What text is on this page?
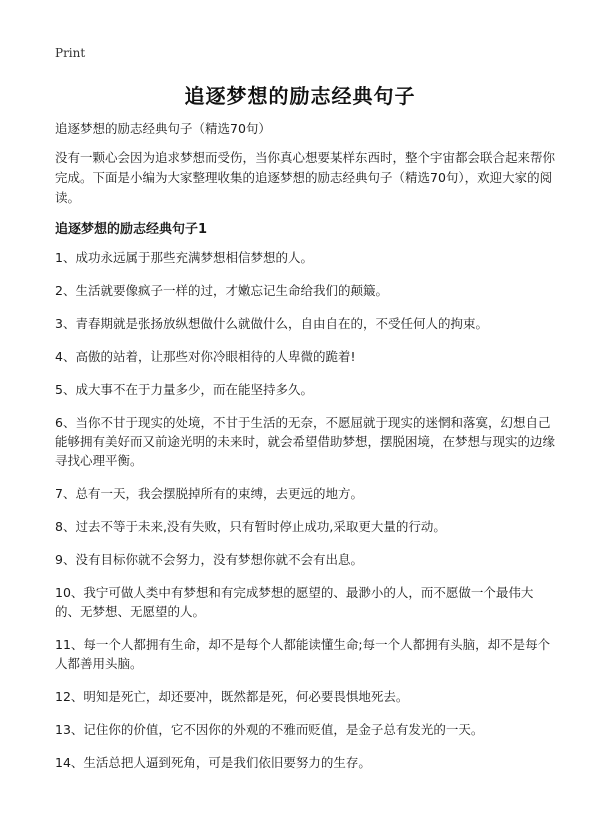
Print
追逐梦想的励志经典句子

追逐梦想的励志经典句子（精选70句）

没有一颗心会因为追求梦想而受伤，当你真心想要某样东西时，整个宇宙都会联合起来帮你完成。下面是小编为大家整理收集的追逐梦想的励志经典句子（精选70句），欢迎大家的阅读。

追逐梦想的励志经典句子1

1、成功永远属于那些充满梦想相信梦想的人。
2、生活就要像疯子一样的过，才嫩忘记生命给我们的颠簸。
3、青春期就是张扬放纵想做什么就做什么，自由自在的，不受任何人的拘束。
4、高傲的站着，让那些对你冷眼相待的人卑微的跪着!
5、成大事不在于力量多少，而在能坚持多久。
6、当你不甘于现实的处境，不甘于生活的无奈，不愿屈就于现实的迷惘和落寞，幻想自己能够拥有美好而又前途光明的未来时，就会希望借助梦想，摆脱困境，在梦想与现实的边缘寻找心理平衡。
7、总有一天，我会摆脱掉所有的束缚，去更远的地方。
8、过去不等于未来,没有失败，只有暂时停止成功,采取更大量的行动。
9、没有目标你就不会努力，没有梦想你就不会有出息。
10、我宁可做人类中有梦想和有完成梦想的愿望的、最渺小的人，而不愿做一个最伟大的、无梦想、无愿望的人。
11、每一个人都拥有生命，却不是每个人都能读懂生命;每一个人都拥有头脑，却不是每个人都善用头脑。
12、明知是死亡，却还要冲，既然都是死，何必要畏惧地死去。
13、记住你的价值，它不因你的外观的不雅而贬值，是金子总有发光的一天。
14、生活总把人逼到死角，可是我们依旧要努力的生存。
